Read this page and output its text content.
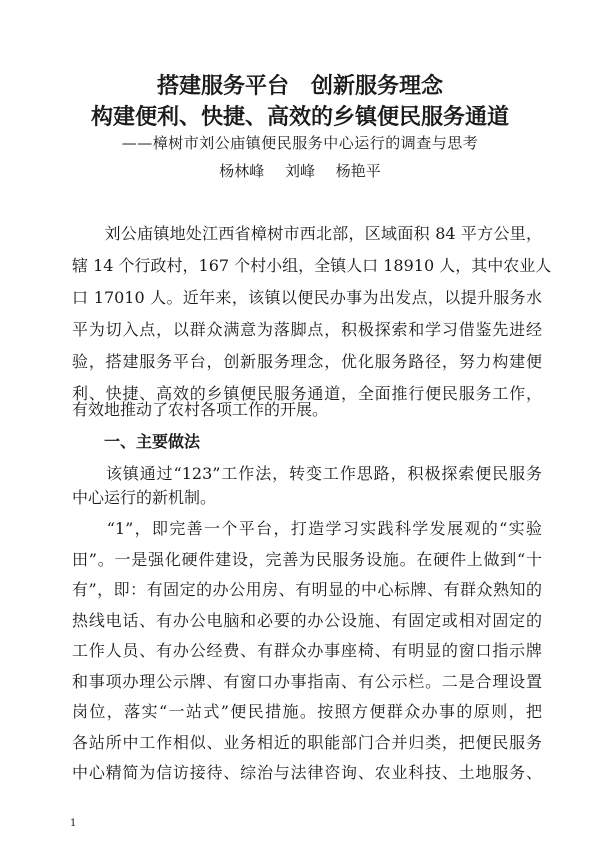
搭建服务平台　创新服务理念
构建便利、快捷、高效的乡镇便民服务通道
——樟树市刘公庙镇便民服务中心运行的调查与思考
杨林峰 刘峰 杨艳平
　　刘公庙镇地处江西省樟树市西北部，区域面积 84 平方公里，
辖 14 个行政村，167 个村小组，全镇人口 18910 人，其中农业人
口 17010 人。近年来，该镇以便民办事为出发点，以提升服务水
平为切入点，以群众满意为落脚点，积极探索和学习借鉴先进经
验，搭建服务平台，创新服务理念，优化服务路径，努力构建便
利、快捷、高效的乡镇便民服务通道，全面推行便民服务工作，
有效地推动了农村各项工作的开展。
一、主要做法
　　该镇通过“123”工作法，转变工作思路，积极探索便民服务
中心运行的新机制。
　　“1”，即完善一个平台，打造学习实践科学发展观的“实验
田”。一是强化硬件建设，完善为民服务设施。在硬件上做到“十
有”，即：有固定的办公用房、有明显的中心标牌、有群众熟知的
热线电话、有办公电脑和必要的办公设施、有固定或相对固定的
工作人员、有办公经费、有群众办事座椅、有明显的窗口指示牌
和事项办理公示牌、有窗口办事指南、有公示栏。二是合理设置
岗位，落实“一站式”便民措施。按照方便群众办事的原则，把
各站所中工作相似、业务相近的职能部门合并归类，把便民服务
中心精简为信访接待、综治与法律咨询、农业科技、土地服务、
1
